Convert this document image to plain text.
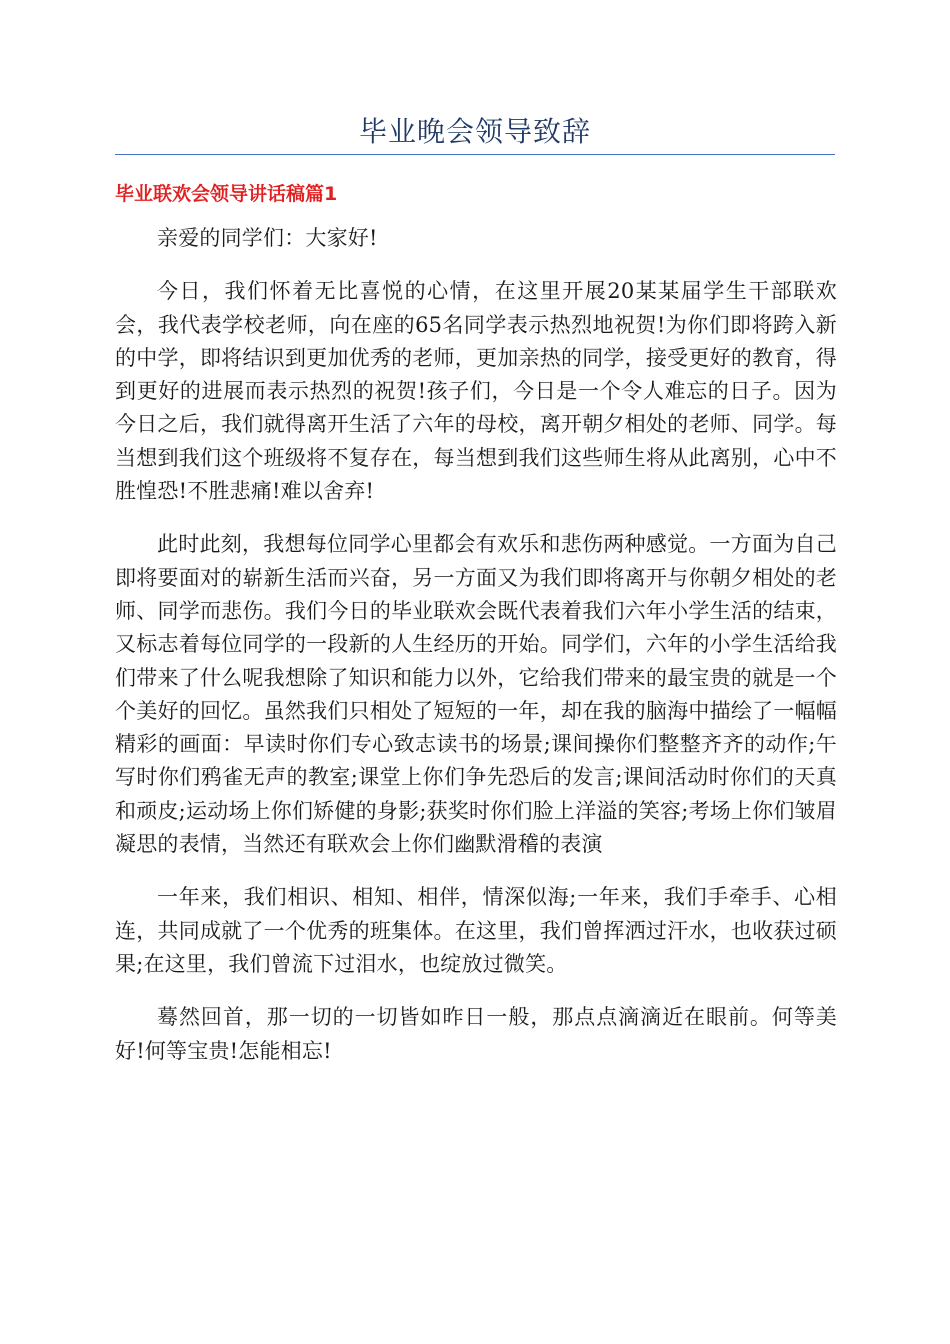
毕业晚会领导致辞
毕业联欢会领导讲话稿篇1

亲爱的同学们：大家好!

今日，我们怀着无比喜悦的心情，在这里开展20某某届学生干部联欢会，我代表学校老师，向在座的65名同学表示热烈地祝贺!为你们即将跨入新的中学，即将结识到更加优秀的老师，更加亲热的同学，接受更好的教育，得到更好的进展而表示热烈的祝贺!孩子们，今日是一个令人难忘的日子。因为今日之后，我们就得离开生活了六年的母校，离开朝夕相处的老师、同学。每当想到我们这个班级将不复存在，每当想到我们这些师生将从此离别，心中不胜惶恐!不胜悲痛!难以舍弃!

此时此刻，我想每位同学心里都会有欢乐和悲伤两种感觉。一方面为自己即将要面对的崭新生活而兴奋，另一方面又为我们即将离开与你朝夕相处的老师、同学而悲伤。我们今日的毕业联欢会既代表着我们六年小学生活的结束，又标志着每位同学的一段新的人生经历的开始。同学们，六年的小学生活给我们带来了什么呢我想除了知识和能力以外，它给我们带来的最宝贵的就是一个个美好的回忆。虽然我们只相处了短短的一年，却在我的脑海中描绘了一幅幅精彩的画面：早读时你们专心致志读书的场景;课间操你们整整齐齐的动作;午写时你们鸦雀无声的教室;课堂上你们争先恐后的发言;课间活动时你们的天真和顽皮;运动场上你们矫健的身影;获奖时你们脸上洋溢的笑容;考场上你们皱眉凝思的表情，当然还有联欢会上你们幽默滑稽的表演

一年来，我们相识、相知、相伴，情深似海;一年来，我们手牵手、心相连，共同成就了一个优秀的班集体。在这里，我们曾挥洒过汗水，也收获过硕果;在这里，我们曾流下过泪水，也绽放过微笑。

蓦然回首，那一切的一切皆如昨日一般，那点点滴滴近在眼前。何等美好!何等宝贵!怎能相忘!
